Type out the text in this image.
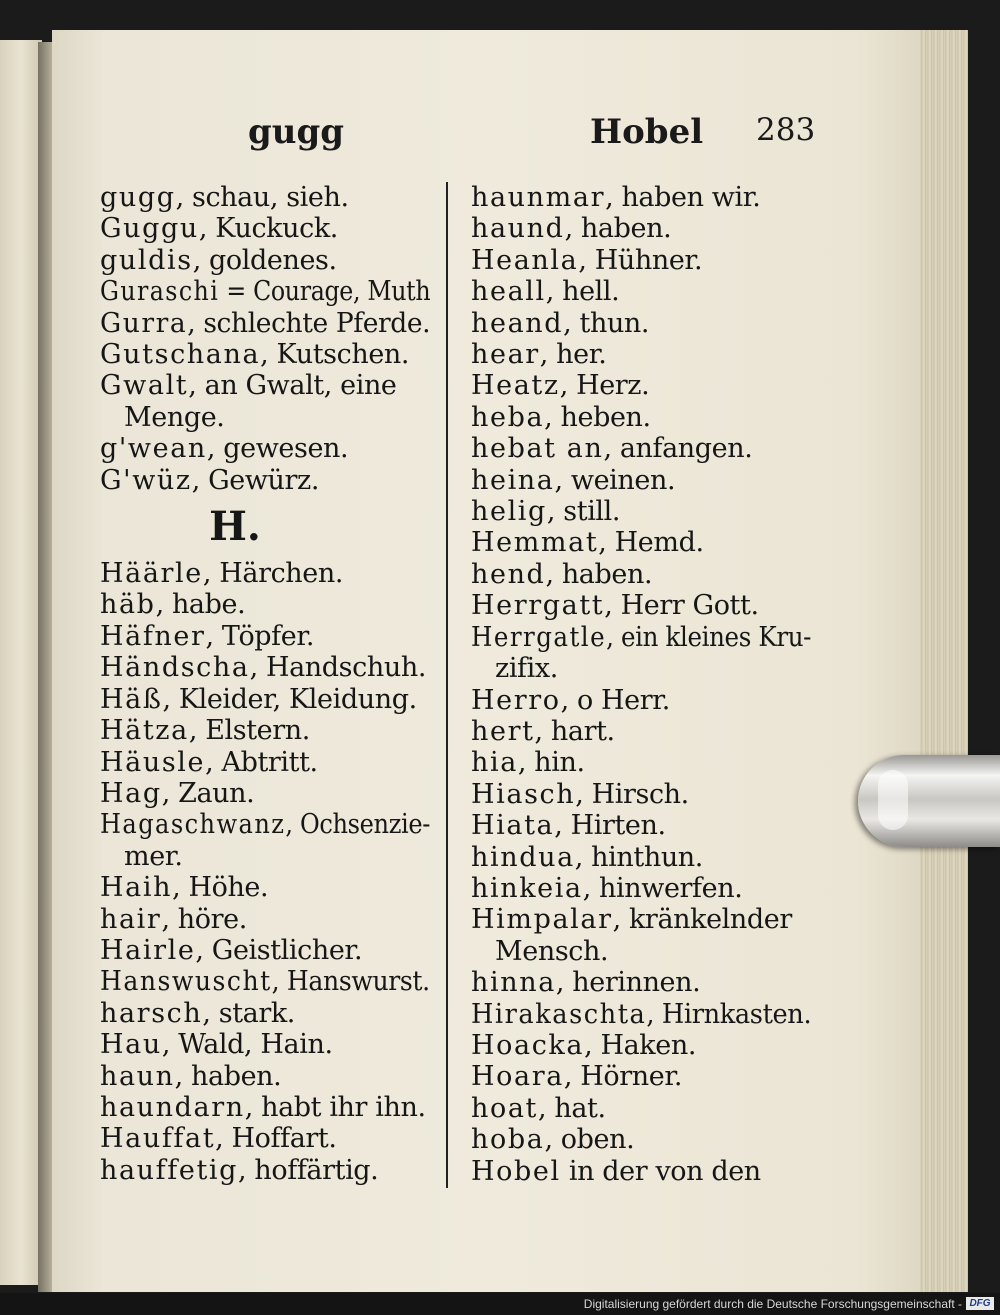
gugg	Hobel 283
gugg, schau, sieh.
Guggu, Kuckuck.
guldis, goldenes.
Guraschi = Courage, Muth
Gurra, schlechte Pferde.
Gutschana, Kutschen.
Gwalt, an Gwalt, eine
Menge.
g'wean, gewesen.
G'wüz, Gewürz.
H.
Häärle, Härchen.
häb, habe.
Häfner, Töpfer.
Händscha, Handschuh.
Häß, Kleider, Kleidung.
Hätza, Elstern.
Häusle, Abtritt.
Hag, Zaun.
Hagaschwanz, Ochsenzie-
mer.
Haih, Höhe.
hair, höre.
Hairle, Geistlicher.
Hanswuscht, Hanswurst.
harsch, stark.
Hau, Wald, Hain.
haun, haben.
haundarn, habt ihr ihn.
Hauffat, Hoffart.
hauffetig, hoffärtig.
haunmar, haben wir.
haund, haben.
Heanla, Hühner.
heall, hell.
heand, thun.
hear, her.
Heatz, Herz.
heba, heben.
hebat an, anfangen.
heina, weinen.
helig, still.
Hemmat, Hemd.
hend, haben.
Herrgatt, Herr Gott.
Herrgatle, ein kleines Kru-
zifix.
Herro, o Herr.
hert, hart.
hia, hin.
Hiasch, Hirsch.
Hiata, Hirten.
hindua, hinthun.
hinkeia, hinwerfen.
Himpalar, kränkelnder
Mensch.
hinna, herinnen.
Hirakaschta, Hirnkasten.
Hoacka, Haken.
Hoara, Hörner.
hoat, hat.
hoba, oben.
Hobel in der von den
Digitalisierung gefördert durch die Deutsche Forschungsgemeinschaft - DFG
